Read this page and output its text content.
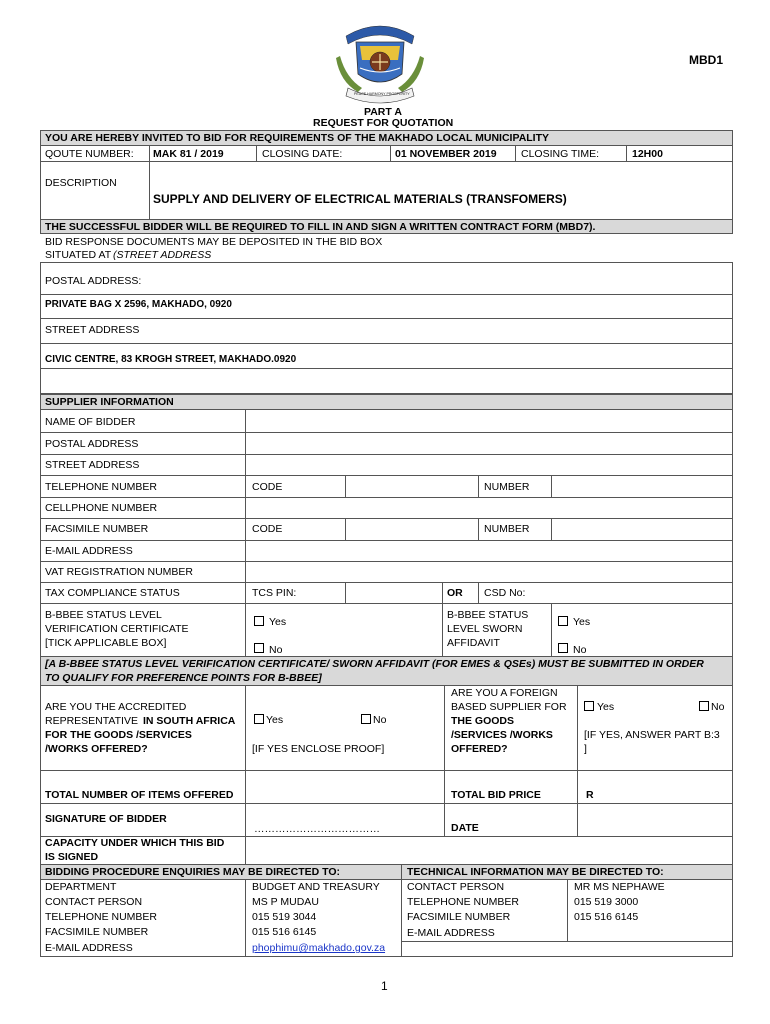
MAKHADO
PEACE HARMONY PROSPERITY
MBD1
PART A
REQUEST FOR QUOTATION
YOU ARE HEREBY INVITED TO BID FOR REQUIREMENTS OF THE MAKHADO LOCAL MUNICIPALITY
QOUTE NUMBER: MAK 81 / 2019	CLOSING DATE:	01 NOVEMBER 2019 CLOSING TIME:	12H00
DESCRIPTION
SUPPLY AND DELIVERY OF ELECTRICAL MATERIALS (TRANSFOMERS)
THE SUCCESSFUL BIDDER WILL BE REQUIRED TO FILL IN AND SIGN A WRITTEN CONTRACT FORM (MBD7).
BID RESPONSE DOCUMENTS MAY BE DEPOSITED IN THE BID BOX
SITUATED AT (STREET ADDRESS
POSTAL ADDRESS:
PRIVATE BAG X 2596, MAKHADO, 0920
STREET ADDRESS
CIVIC CENTRE, 83 KROGH STREET, MAKHADO.0920
SUPPLIER INFORMATION
NAME OF BIDDER
POSTAL ADDRESS
STREET ADDRESS
TELEPHONE NUMBER	CODE	NUMBER
CELLPHONE NUMBER
FACSIMILE NUMBER	CODE	NUMBER
E-MAIL ADDRESS
VAT REGISTRATION NUMBER
TAX COMPLIANCE STATUS	TCS PIN:	OR CSD No:
B-BBEE STATUS LEVEL
VERIFICATION CERTIFICATE
[TICK APPLICABLE BOX]
Yes
No
B-BBEE STATUS
LEVEL SWORN
AFFIDAVIT
Yes
No
[A B-BBEE STATUS LEVEL VERIFICATION CERTIFICATE/ SWORN AFFIDAVIT (FOR EMES & QSEs) MUST BE SUBMITTED IN ORDER
TO QUALIFY FOR PREFERENCE POINTS FOR B-BBEE]
ARE YOU THE ACCREDITED
REPRESENTATIVE IN SOUTH AFRICA
FOR THE GOODS /SERVICES
/WORKS OFFERED?
Yes	No
[IF YES ENCLOSE PROOF]
ARE YOU A FOREIGN
BASED SUPPLIER FOR
THE GOODS
/SERVICES /WORKS
OFFERED?
Yes	No
[IF YES, ANSWER PART B:3
]
TOTAL NUMBER OF ITEMS OFFERED	TOTAL BID PRICE	R
SIGNATURE OF BIDDER
………………………………	DATE
CAPACITY UNDER WHICH THIS BID
IS SIGNED
BIDDING PROCEDURE ENQUIRIES MAY BE DIRECTED TO:	TECHNICAL INFORMATION MAY BE DIRECTED TO:
DEPARTMENT	BUDGET AND TREASURY
CONTACT PERSON	MS P MUDAU
TELEPHONE NUMBER	015 519 3044
FACSIMILE NUMBER	015 516 6145
E-MAIL ADDRESS	phophimu@makhado.gov.za
CONTACT PERSON	MR MS NEPHAWE
TELEPHONE NUMBER	015 519 3000
FACSIMILE NUMBER	015 516 6145
E-MAIL ADDRESS
1
